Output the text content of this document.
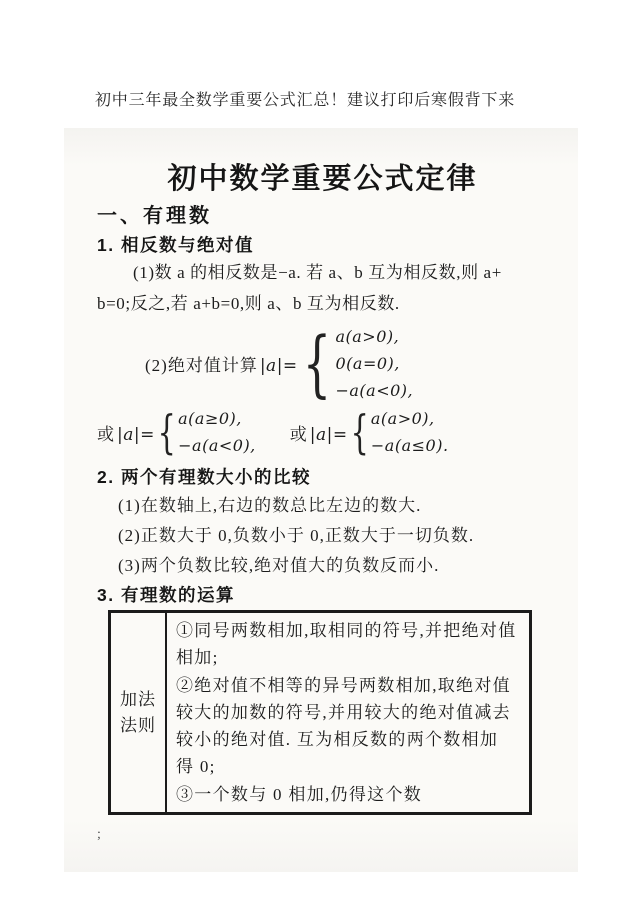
初中三年最全数学重要公式汇总！建议打印后寒假背下来
初中数学重要公式定律
一、有理数
1. 相反数与绝对值
(1)数 a 的相反数是−a. 若 a、b 互为相反数,则 a+
b=0;反之,若 a+b=0,则 a、b 互为相反数.
(2)绝对值计算 |a|= { a(a>0),
0(a=0),
−a(a<0),
或 |a|= { a(a≥0),
−a(a<0),
或 |a|= { a(a>0),
−a(a≤0).
2. 两个有理数大小的比较
(1)在数轴上,右边的数总比左边的数大.
(2)正数大于 0,负数小于 0,正数大于一切负数.
(3)两个负数比较,绝对值大的负数反而小.
3. 有理数的运算
加法
法则
①同号两数相加,取相同的符号,并把绝对值
相加;
②绝对值不相等的异号两数相加,取绝对值
较大的加数的符号,并用较大的绝对值减去
较小的绝对值. 互为相反数的两个数相加
得 0;
③一个数与 0 相加,仍得这个数
;
